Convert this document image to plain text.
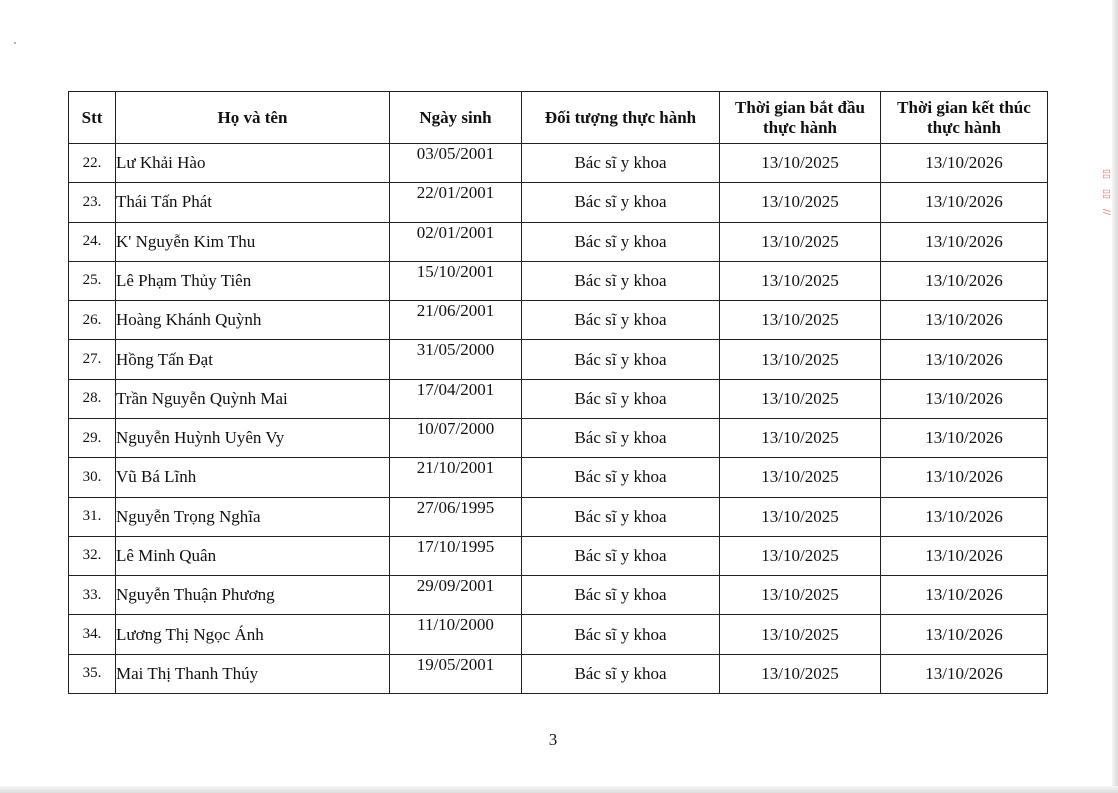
▯▯
▯▯
∕∕
Stt	Họ và tên	Ngày sinh	Đối tượng thực hành	Thời gian bắt đầu thực hành	Thời gian kết thúc thực hành
22.	Lư Khải Hào	03/05/2001	Bác sĩ y khoa	13/10/2025	13/10/2026
23.	Thái Tấn Phát	22/01/2001	Bác sĩ y khoa	13/10/2025	13/10/2026
24.	K' Nguyễn Kim Thu	02/01/2001	Bác sĩ y khoa	13/10/2025	13/10/2026
25.	Lê Phạm Thủy Tiên	15/10/2001	Bác sĩ y khoa	13/10/2025	13/10/2026
26.	Hoàng Khánh Quỳnh	21/06/2001	Bác sĩ y khoa	13/10/2025	13/10/2026
27.	Hồng Tấn Đạt	31/05/2000	Bác sĩ y khoa	13/10/2025	13/10/2026
28.	Trần Nguyễn Quỳnh Mai	17/04/2001	Bác sĩ y khoa	13/10/2025	13/10/2026
29.	Nguyễn Huỳnh Uyên Vy	10/07/2000	Bác sĩ y khoa	13/10/2025	13/10/2026
30.	Vũ Bá Lĩnh	21/10/2001	Bác sĩ y khoa	13/10/2025	13/10/2026
31.	Nguyễn Trọng Nghĩa	27/06/1995	Bác sĩ y khoa	13/10/2025	13/10/2026
32.	Lê Minh Quân	17/10/1995	Bác sĩ y khoa	13/10/2025	13/10/2026
33.	Nguyễn Thuận Phương	29/09/2001	Bác sĩ y khoa	13/10/2025	13/10/2026
34.	Lương Thị Ngọc Ánh	11/10/2000	Bác sĩ y khoa	13/10/2025	13/10/2026
35.	Mai Thị Thanh Thúy	19/05/2001	Bác sĩ y khoa	13/10/2025	13/10/2026
3
